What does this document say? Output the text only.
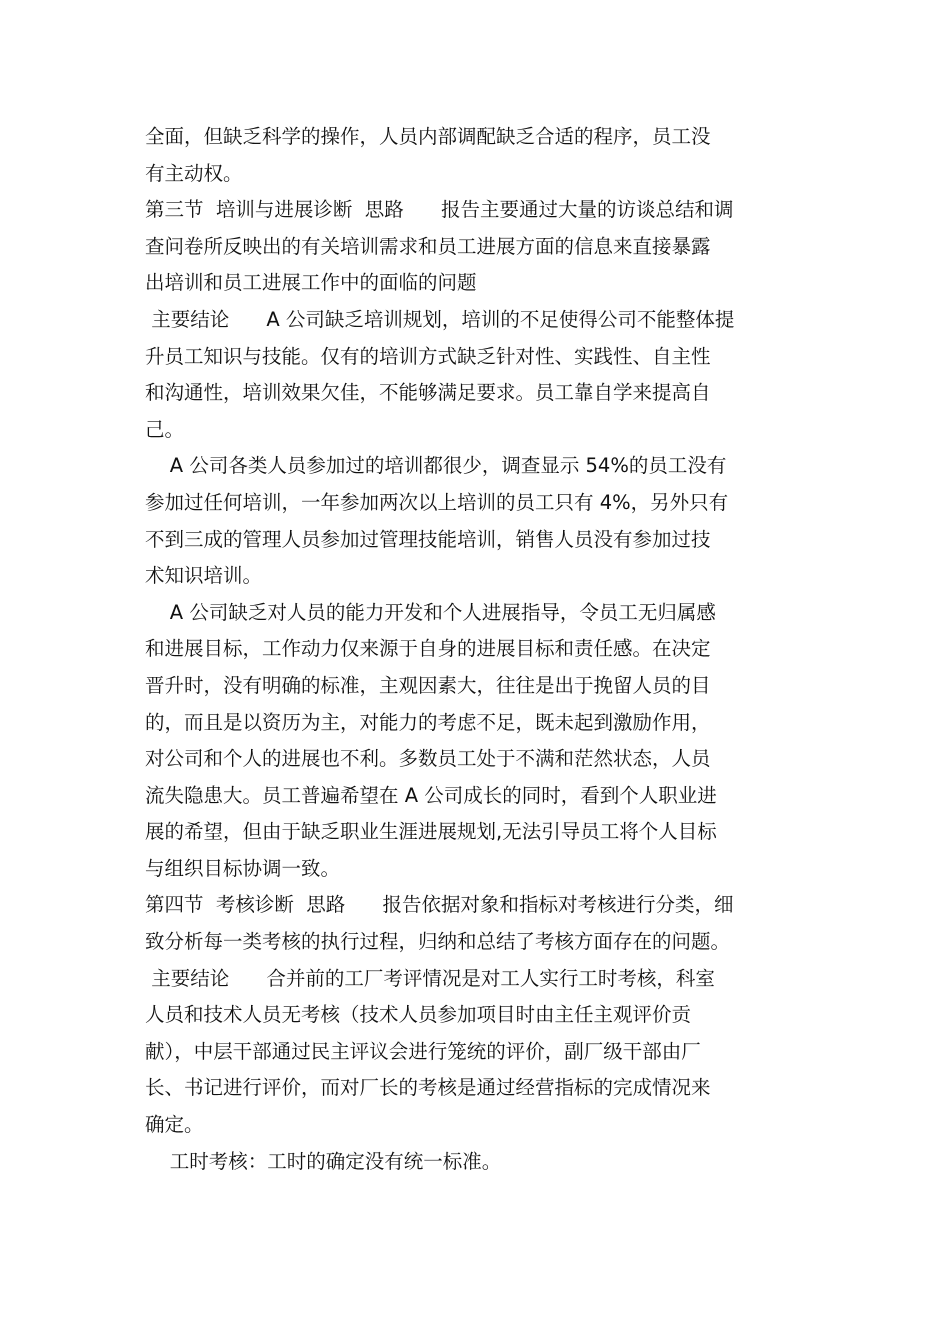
全面，但缺乏科学的操作，人员内部调配缺乏合适的程序，员工没
有主动权。
第三节  培训与进展诊断  思路      报告主要通过大量的访谈总结和调
查问卷所反映出的有关培训需求和员工进展方面的信息来直接暴露
出培训和员工进展工作中的面临的问题
主要结论      A 公司缺乏培训规划，培训的不足使得公司不能整体提
升员工知识与技能。仅有的培训方式缺乏针对性、实践性、自主性
和沟通性，培训效果欠佳，不能够满足要求。员工靠自学来提高自
己。
A 公司各类人员参加过的培训都很少，调查显示 54%的员工没有
参加过任何培训，一年参加两次以上培训的员工只有 4%，另外只有
不到三成的管理人员参加过管理技能培训，销售人员没有参加过技
术知识培训。
A 公司缺乏对人员的能力开发和个人进展指导，令员工无归属感
和进展目标，工作动力仅来源于自身的进展目标和责任感。在决定
晋升时，没有明确的标准，主观因素大，往往是出于挽留人员的目
的，而且是以资历为主，对能力的考虑不足，既未起到激励作用，
对公司和个人的进展也不利。多数员工处于不满和茫然状态，人员
流失隐患大。员工普遍希望在 A 公司成长的同时，看到个人职业进
展的希望，但由于缺乏职业生涯进展规划,无法引导员工将个人目标
与组织目标协调一致。
第四节  考核诊断  思路      报告依据对象和指标对考核进行分类，细
致分析每一类考核的执行过程，归纳和总结了考核方面存在的问题。
主要结论      合并前的工厂考评情况是对工人实行工时考核，科室
人员和技术人员无考核（技术人员参加项目时由主任主观评价贡
献），中层干部通过民主评议会进行笼统的评价，副厂级干部由厂
长、书记进行评价，而对厂长的考核是通过经营指标的完成情况来
确定。
工时考核：工时的确定没有统一标准。
